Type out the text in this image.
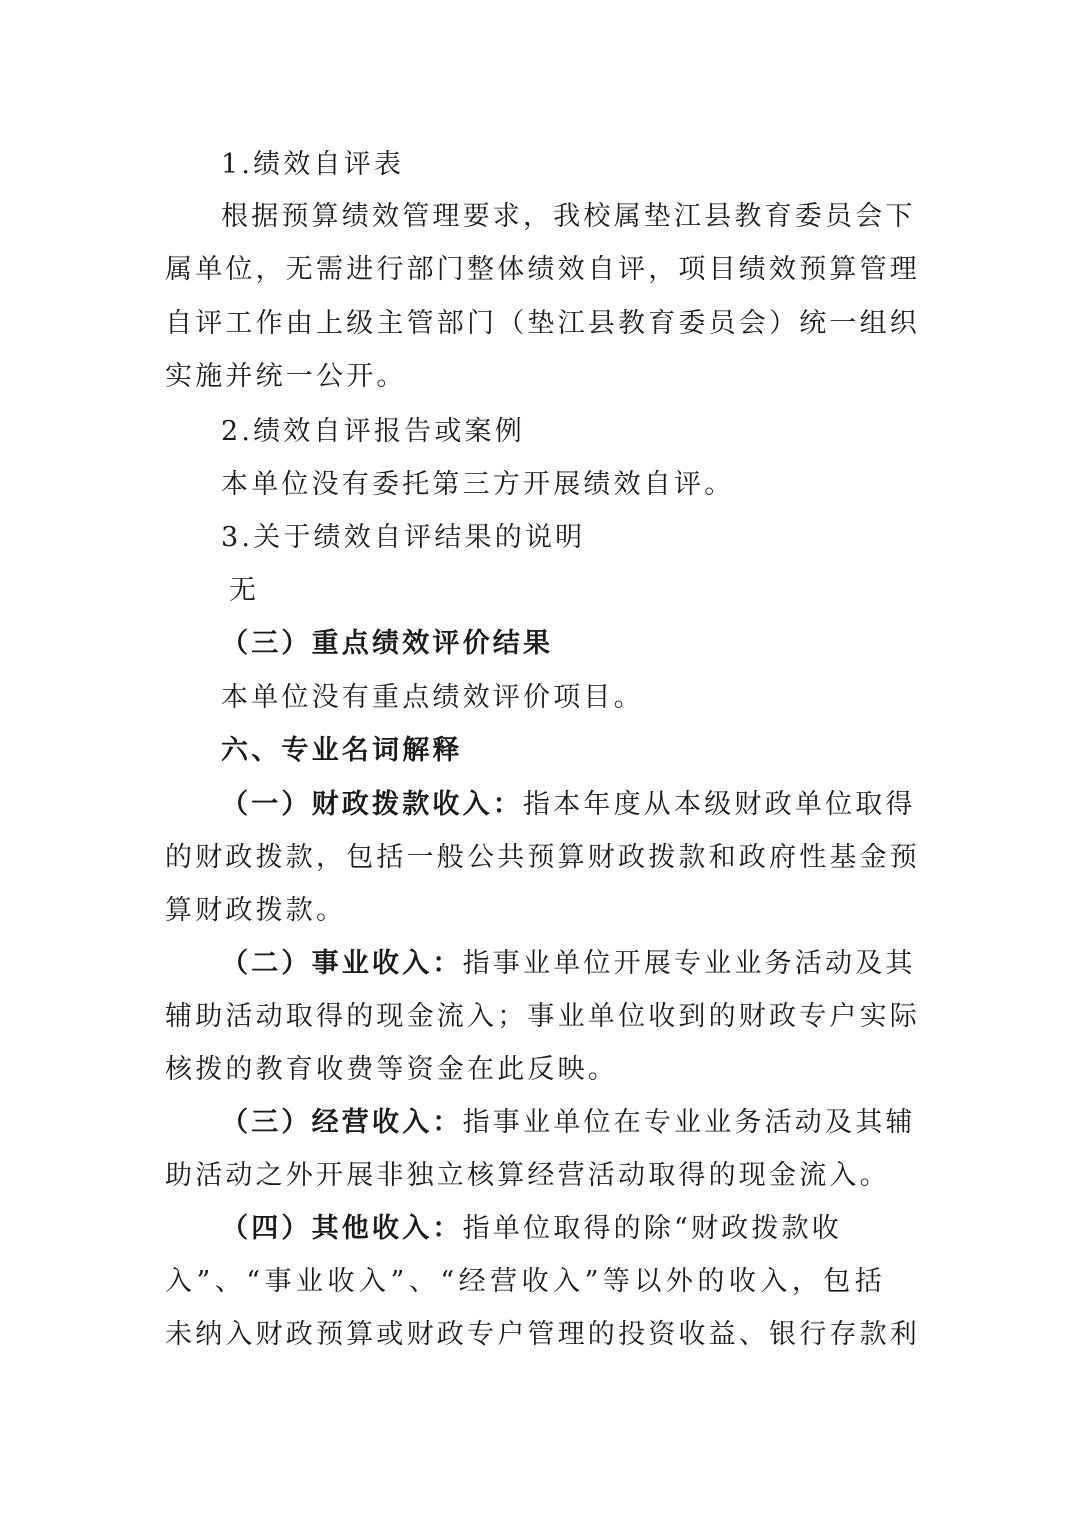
1.绩效自评表
根据预算绩效管理要求，我校属垫江县教育委员会下
属单位，无需进行部门整体绩效自评，项目绩效预算管理
自评工作由上级主管部门（垫江县教育委员会）统一组织
实施并统一公开。
2.绩效自评报告或案例
本单位没有委托第三方开展绩效自评。
3.关于绩效自评结果的说明
无
（三）重点绩效评价结果
本单位没有重点绩效评价项目。
六、专业名词解释
（一）财政拨款收入：指本年度从本级财政单位取得
的财政拨款，包括一般公共预算财政拨款和政府性基金预
算财政拨款。
（二）事业收入：指事业单位开展专业业务活动及其
辅助活动取得的现金流入；事业单位收到的财政专户实际
核拨的教育收费等资金在此反映。
（三）经营收入：指事业单位在专业业务活动及其辅
助活动之外开展非独立核算经营活动取得的现金流入。
（四）其他收入：指单位取得的除“财政拨款收
入”、“事业收入”、“经营收入”等以外的收入，包括
未纳入财政预算或财政专户管理的投资收益、银行存款利
